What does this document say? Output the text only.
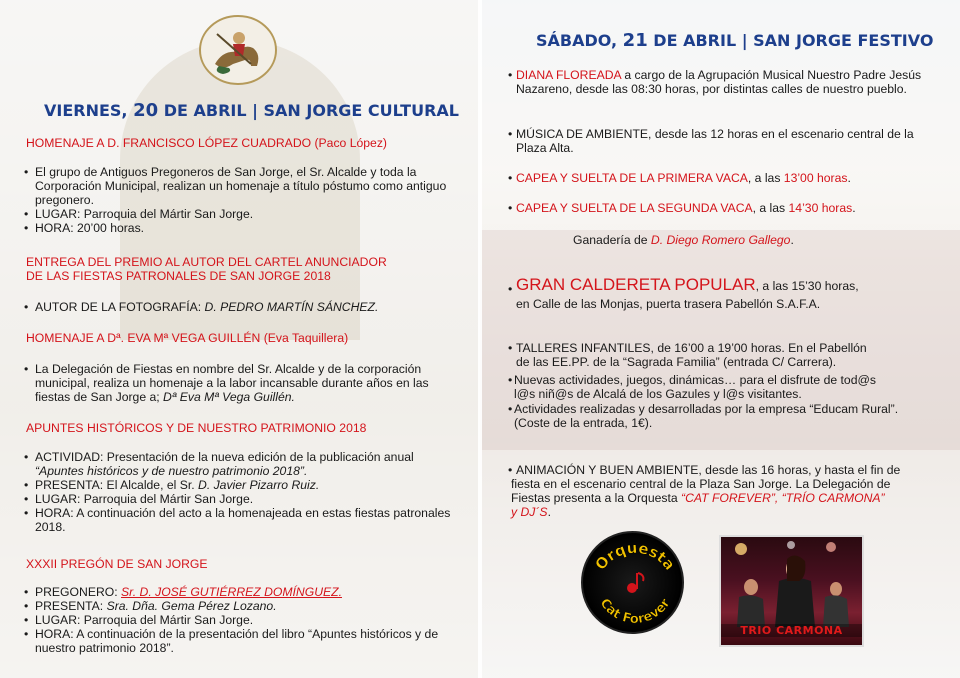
VIERNES, 20 DE ABRIL | SAN JORGE CULTURAL
HOMENAJE A D. FRANCISCO LÓPEZ CUADRADO (Paco López)
• El grupo de Antiguos Pregoneros de San Jorge, el Sr. Alcalde y toda la Corporación Municipal, realizan un homenaje a título póstumo como antiguo pregonero.
• LUGAR: Parroquia del Mártir San Jorge.
• HORA: 20’00 horas.
ENTREGA DEL PREMIO AL AUTOR DEL CARTEL ANUNCIADOR
DE LAS FIESTAS PATRONALES DE SAN JORGE 2018
• AUTOR DE LA FOTOGRAFÍA: D. PEDRO MARTÍN SÁNCHEZ.
HOMENAJE A Dª. EVA Mª VEGA GUILLÉN (Eva Taquillera)
• La Delegación de Fiestas en nombre del Sr. Alcalde y de la corporación municipal, realiza un homenaje a la labor incansable durante años en las fiestas de San Jorge a; Dª Eva Mª Vega Guillén.
APUNTES HISTÓRICOS Y DE NUESTRO PATRIMONIO 2018
• ACTIVIDAD: Presentación de la nueva edición de la publicación anual “Apuntes históricos y de nuestro patrimonio 2018”.
• PRESENTA: El Alcalde, el Sr. D. Javier Pizarro Ruiz.
• LUGAR: Parroquia del Mártir San Jorge.
• HORA: A continuación del acto a la homenajeada en estas fiestas patronales 2018.
XXXII PREGÓN DE SAN JORGE
• PREGONERO: Sr. D. JOSÉ GUTIÉRREZ DOMÍNGUEZ.
• PRESENTA: Sra. Dña. Gema Pérez Lozano.
• LUGAR: Parroquia del Mártir San Jorge.
• HORA: A continuación de la presentación del libro “Apuntes históricos y de nuestro patrimonio 2018”.
SÁBADO, 21 DE ABRIL | SAN JORGE FESTIVO
• DIANA FLOREADA a cargo de la Agrupación Musical Nuestro Padre Jesús Nazareno, desde las 08:30 horas, por distintas calles de nuestro pueblo.
• MÚSICA DE AMBIENTE, desde las 12 horas en el escenario central de la Plaza Alta.
• CAPEA Y SUELTA DE LA PRIMERA VACA, a las 13’00 horas.
• CAPEA Y SUELTA DE LA SEGUNDA VACA, a las 14’30 horas.
Ganadería de D. Diego Romero Gallego.
• GRAN CALDERETA POPULAR, a las 15’30 horas,
en Calle de las Monjas, puerta trasera Pabellón S.A.F.A.
• TALLERES INFANTILES, de 16’00 a 19’00 horas. En el Pabellón
de las EE.PP. de la “Sagrada Familia” (entrada C/ Carrera).
• Nuevas actividades, juegos, dinámicas… para el disfrute de tod@s
l@s niñ@s de Alcalá de los Gazules y l@s visitantes.
• Actividades realizadas y desarrolladas por la empresa “Educam Rural”.
(Coste de la entrada, 1€).
• ANIMACIÓN Y BUEN AMBIENTE, desde las 16 horas, y hasta el fin de
fiesta en el escenario central de la Plaza San Jorge. La Delegación de
Fiestas presenta a la Orquesta “CAT FOREVER”, “TRÍO CARMONA”
y DJ´S.
Orquesta
Cat Forever
TRIO CARMONA
